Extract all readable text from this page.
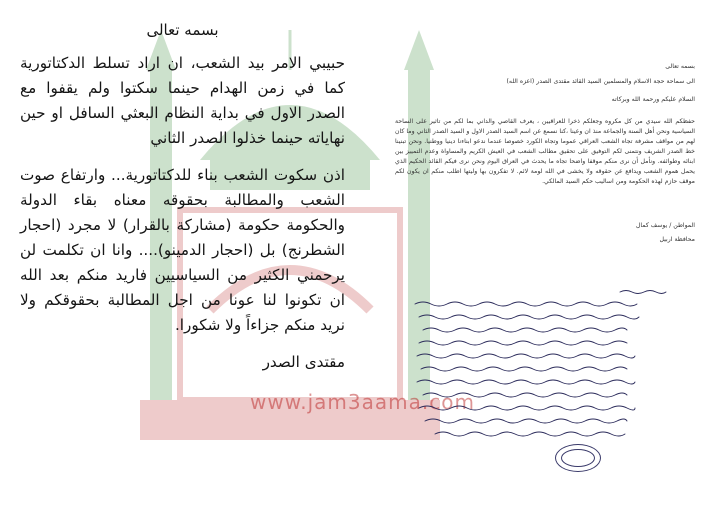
www.jam3aama.com
بسمه تعالى

حبيبي الامر بيد الشعب، ان اراد تسلط الدكتاتورية كما في زمن الهدام حينما سكتوا ولم يقفوا مع الصدر الاول في بداية النظام البعثي السافل او حين نهاياته حينما خذلوا الصدر الثاني

اذن سكوت الشعب بناء للدكتاتورية... وارتفاع صوت الشعب والمطالبة بحقوقه معناه بقاء الدولة والحكومة حكومة (مشاركة بالقرار) لا مجرد (احجار الشطرنج) بل (احجار الدمينو).... وانا ان تكلمت لن يرحمني الكثير من السياسيين فاريد منكم بعد الله ان تكونوا لنا عونا من اجل المطالبة بحقوقكم ولا نريد منكم جزاءاً ولا شكورا.

مقتدى الصدر
بسمه تعالى
الى سماحة حجة الاسلام والمسلمين السيد القائد مقتدى الصدر (اعزه الله)
السلام عليكم ورحمة الله وبركاته
حفظكم الله سيدي من كل مكروه وجعلكم ذخرا للعراقيين ، يعرف القاصي والداني بما لكم من تاثير على الساحة السياسية ونحن أهل السنة والجماعة منذ ان وعينا ،كنا نسمع عن اسم السيد الصدر الاول و السيد الصدر الثاني وما كان لهم من مواقف مشرفة تجاه الشعب العراقي عموما وتجاه الكورد خصوصا عندما ندعو ابناءنا دينيا ووطنيا. ونحن تبنينا خط الصدر الشريف ونتمنى لكم التوفيق على تحقيق مطالب الشعب في العيش الكريم والمساواة وعدم التمييز بين ابنائه وطوائفه. ونأمل أن نرى منكم موقفا واضحا تجاه ما يحدث في العراق اليوم ونحن نرى فيكم القائد الحكيم الذي يحمل هموم الشعب ويدافع عن حقوقه ولا يخشى في الله لومة لائم. لا تفكرون بها وليتها اطلب منكم ان يكون لكم موقف حازم لهذه الحكومة ومن اساليب حكم السيد المالكي.
المواطن / يوسف كمال
محافظة اربيل
